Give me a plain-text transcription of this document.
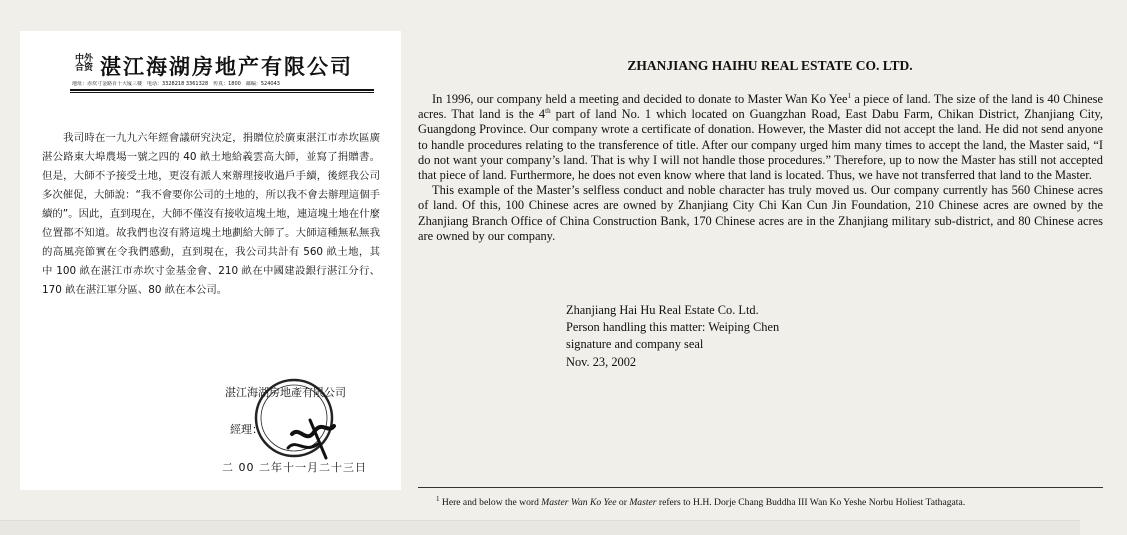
中外合资 湛江海湖房地产有限公司
地址：赤坎寸金路百十大厦三楼　电话：3328218 3361328　传真：1800　邮编：524043
　　我司時在一九九六年經會議研究決定，捐贈位於廣東湛江市赤坎區廣湛公路東大埠農場一號之四的 40 畝土地給義雲高大師，並寫了捐贈書。但是，大師不予接受土地，更沒有派人來辦理接收過戶手續，後經我公司多次催促，大師說：“我不會要你公司的土地的，所以我不會去辦理這個手續的”。因此，直到現在，大師不僅沒有接收這塊土地，連這塊土地在什麼位置都不知道。故我們也沒有將這塊土地劃給大師了。大師這種無私無我的高風亮節實在令我們感動，直到現在，我公司共計有 560 畝土地，其中 100 畝在湛江市赤坎寸金基金會、210 畝在中國建設銀行湛江分行、170 畝在湛江軍分區、80 畝在本公司。
湛江海湖房地產有限公司
經理：
二 00 二年十一月二十三日
ZHANJIANG HAIHU REAL ESTATE CO. LTD.

In 1996, our company held a meeting and decided to donate to Master Wan Ko Yee$^1$ a piece of land. The size of the land is 40 Chinese acres. That land is the 4th part of land No. 1 which located on Guangzhan Road, East Dabu Farm, Chikan District, Zhanjiang City, Guangdong Province. Our company wrote a certificate of donation. However, the Master did not accept the land. He did not send anyone to handle procedures relating to the transference of title. After our company urged him many times to accept the land, the Master said, “I do not want your company’s land. That is why I will not handle those procedures.” Therefore, up to now the Master has still not accepted that piece of land. Furthermore, he does not even know where that land is located. Thus, we have not transferred that land to the Master.

This example of the Master’s selfless conduct and noble character has truly moved us. Our company currently has 560 Chinese acres of land. Of this, 100 Chinese acres are owned by Zhanjiang City Chi Kan Cun Jin Foundation, 210 Chinese acres are owned by the Zhanjiang Branch Office of China Construction Bank, 170 Chinese acres are in the Zhanjiang military sub-district, and 80 Chinese acres are owned by our company.

Zhanjiang Hai Hu Real Estate Co. Ltd.
Person handling this matter: Weiping Chen
signature and company seal
Nov. 23, 2002
$^1$ Here and below the word Master Wan Ko Yee or Master refers to H.H. Dorje Chang Buddha III Wan Ko Yeshe Norbu Holiest Tathagata.
